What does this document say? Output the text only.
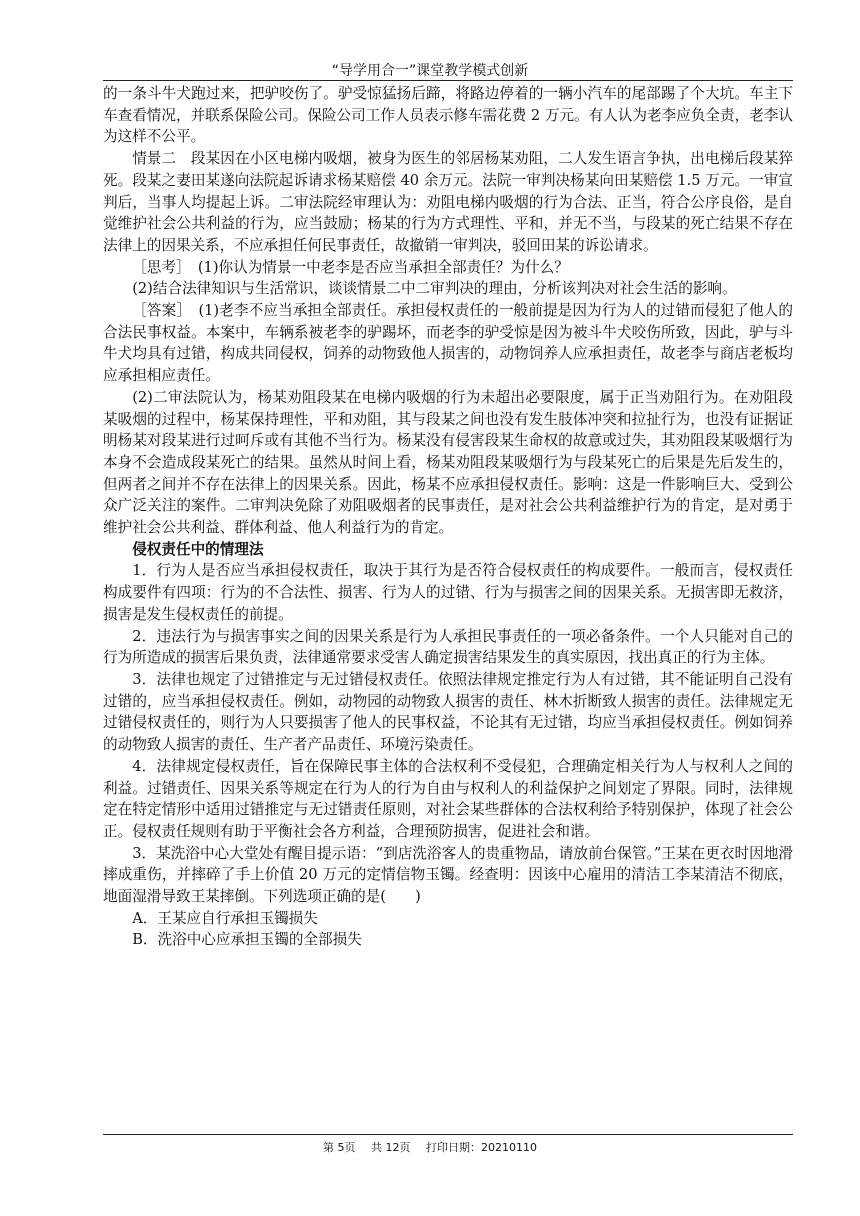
“导学用合一”课堂教学模式创新

的一条斗牛犬跑过来，把驴咬伤了。驴受惊猛扬后蹄，将路边停着的一辆小汽车的尾部踢了个大坑。车主下车查看情况，并联系保险公司。保险公司工作人员表示修车需花费 2 万元。有人认为老李应负全责，老李认为这样不公平。

情景二　段某因在小区电梯内吸烟，被身为医生的邻居杨某劝阻，二人发生语言争执，出电梯后段某猝死。段某之妻田某遂向法院起诉请求杨某赔偿 40 余万元。法院一审判决杨某向田某赔偿 1.5 万元。一审宣判后，当事人均提起上诉。二审法院经审理认为：劝阻电梯内吸烟的行为合法、正当，符合公序良俗，是自觉维护社会公共利益的行为，应当鼓励；杨某的行为方式理性、平和，并无不当，与段某的死亡结果不存在法律上的因果关系，不应承担任何民事责任，故撤销一审判决，驳回田某的诉讼请求。

［思考］　(1)你认为情景一中老李是否应当承担全部责任？为什么？

(2)结合法律知识与生活常识，谈谈情景二中二审判决的理由，分析该判决对社会生活的影响。

［答案］　(1)老李不应当承担全部责任。承担侵权责任的一般前提是因为行为人的过错而侵犯了他人的合法民事权益。本案中，车辆系被老李的驴踢坏，而老李的驴受惊是因为被斗牛犬咬伤所致，因此，驴与斗牛犬均具有过错，构成共同侵权，饲养的动物致他人损害的，动物饲养人应承担责任，故老李与商店老板均应承担相应责任。

(2)二审法院认为，杨某劝阻段某在电梯内吸烟的行为未超出必要限度，属于正当劝阻行为。在劝阻段某吸烟的过程中，杨某保持理性，平和劝阻，其与段某之间也没有发生肢体冲突和拉扯行为，也没有证据证明杨某对段某进行过呵斥或有其他不当行为。杨某没有侵害段某生命权的故意或过失，其劝阻段某吸烟行为本身不会造成段某死亡的结果。虽然从时间上看，杨某劝阻段某吸烟行为与段某死亡的后果是先后发生的，但两者之间并不存在法律上的因果关系。因此，杨某不应承担侵权责任。影响：这是一件影响巨大、受到公众广泛关注的案件。二审判决免除了劝阻吸烟者的民事责任，是对社会公共利益维护行为的肯定，是对勇于维护社会公共利益、群体利益、他人利益行为的肯定。

侵权责任中的情理法

1．行为人是否应当承担侵权责任，取决于其行为是否符合侵权责任的构成要件。一般而言，侵权责任构成要件有四项：行为的不合法性、损害、行为人的过错、行为与损害之间的因果关系。无损害即无救济，损害是发生侵权责任的前提。

2．违法行为与损害事实之间的因果关系是行为人承担民事责任的一项必备条件。一个人只能对自己的行为所造成的损害后果负责，法律通常要求受害人确定损害结果发生的真实原因，找出真正的行为主体。

3．法律也规定了过错推定与无过错侵权责任。依照法律规定推定行为人有过错，其不能证明自己没有过错的，应当承担侵权责任。例如，动物园的动物致人损害的责任、林木折断致人损害的责任。法律规定无过错侵权责任的，则行为人只要损害了他人的民事权益，不论其有无过错，均应当承担侵权责任。例如饲养的动物致人损害的责任、生产者产品责任、环境污染责任。

4．法律规定侵权责任，旨在保障民事主体的合法权利不受侵犯，合理确定相关行为人与权利人之间的利益。过错责任、因果关系等规定在行为人的行为自由与权利人的利益保护之间划定了界限。同时，法律规定在特定情形中适用过错推定与无过错责任原则，对社会某些群体的合法权利给予特别保护，体现了社会公正。侵权责任规则有助于平衡社会各方利益，合理预防损害，促进社会和谐。

3．某洗浴中心大堂处有醒目提示语：“到店洗浴客人的贵重物品，请放前台保管。”王某在更衣时因地滑摔成重伤，并摔碎了手上价值 20 万元的定情信物玉镯。经查明：因该中心雇用的清洁工李某清洁不彻底，地面湿滑导致王某摔倒。下列选项正确的是(　　)

A．王某应自行承担玉镯损失

B．洗浴中心应承担玉镯的全部损失

第 5页 共 12页 打印日期：20210110
